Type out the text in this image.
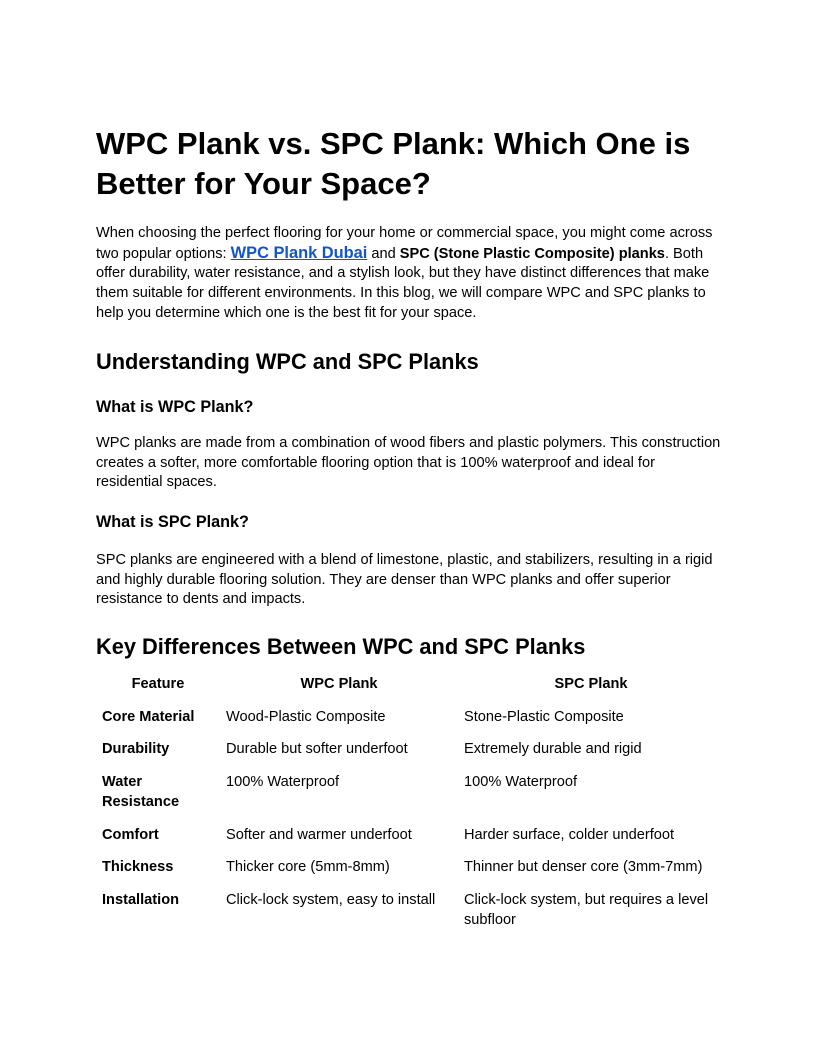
WPC Plank vs. SPC Plank: Which One is Better for Your Space?

When choosing the perfect flooring for your home or commercial space, you might come across two popular options: WPC Plank Dubai and SPC (Stone Plastic Composite) planks. Both offer durability, water resistance, and a stylish look, but they have distinct differences that make them suitable for different environments. In this blog, we will compare WPC and SPC planks to help you determine which one is the best fit for your space.

Understanding WPC and SPC Planks
What is WPC Plank?

WPC planks are made from a combination of wood fibers and plastic polymers. This construction creates a softer, more comfortable flooring option that is 100% waterproof and ideal for residential spaces.

What is SPC Plank?

SPC planks are engineered with a blend of limestone, plastic, and stabilizers, resulting in a rigid and highly durable flooring solution. They are denser than WPC planks and offer superior resistance to dents and impacts.

Key Differences Between WPC and SPC Planks
Feature	WPC Plank	SPC Plank
Core Material	Wood-Plastic Composite	Stone-Plastic Composite
Durability	Durable but softer underfoot	Extremely durable and rigid
Water Resistance	100% Waterproof	100% Waterproof
Comfort	Softer and warmer underfoot	Harder surface, colder underfoot
Thickness	Thicker core (5mm-8mm)	Thinner but denser core (3mm-7mm)
Installation	Click-lock system, easy to install	Click-lock system, but requires a level subfloor
